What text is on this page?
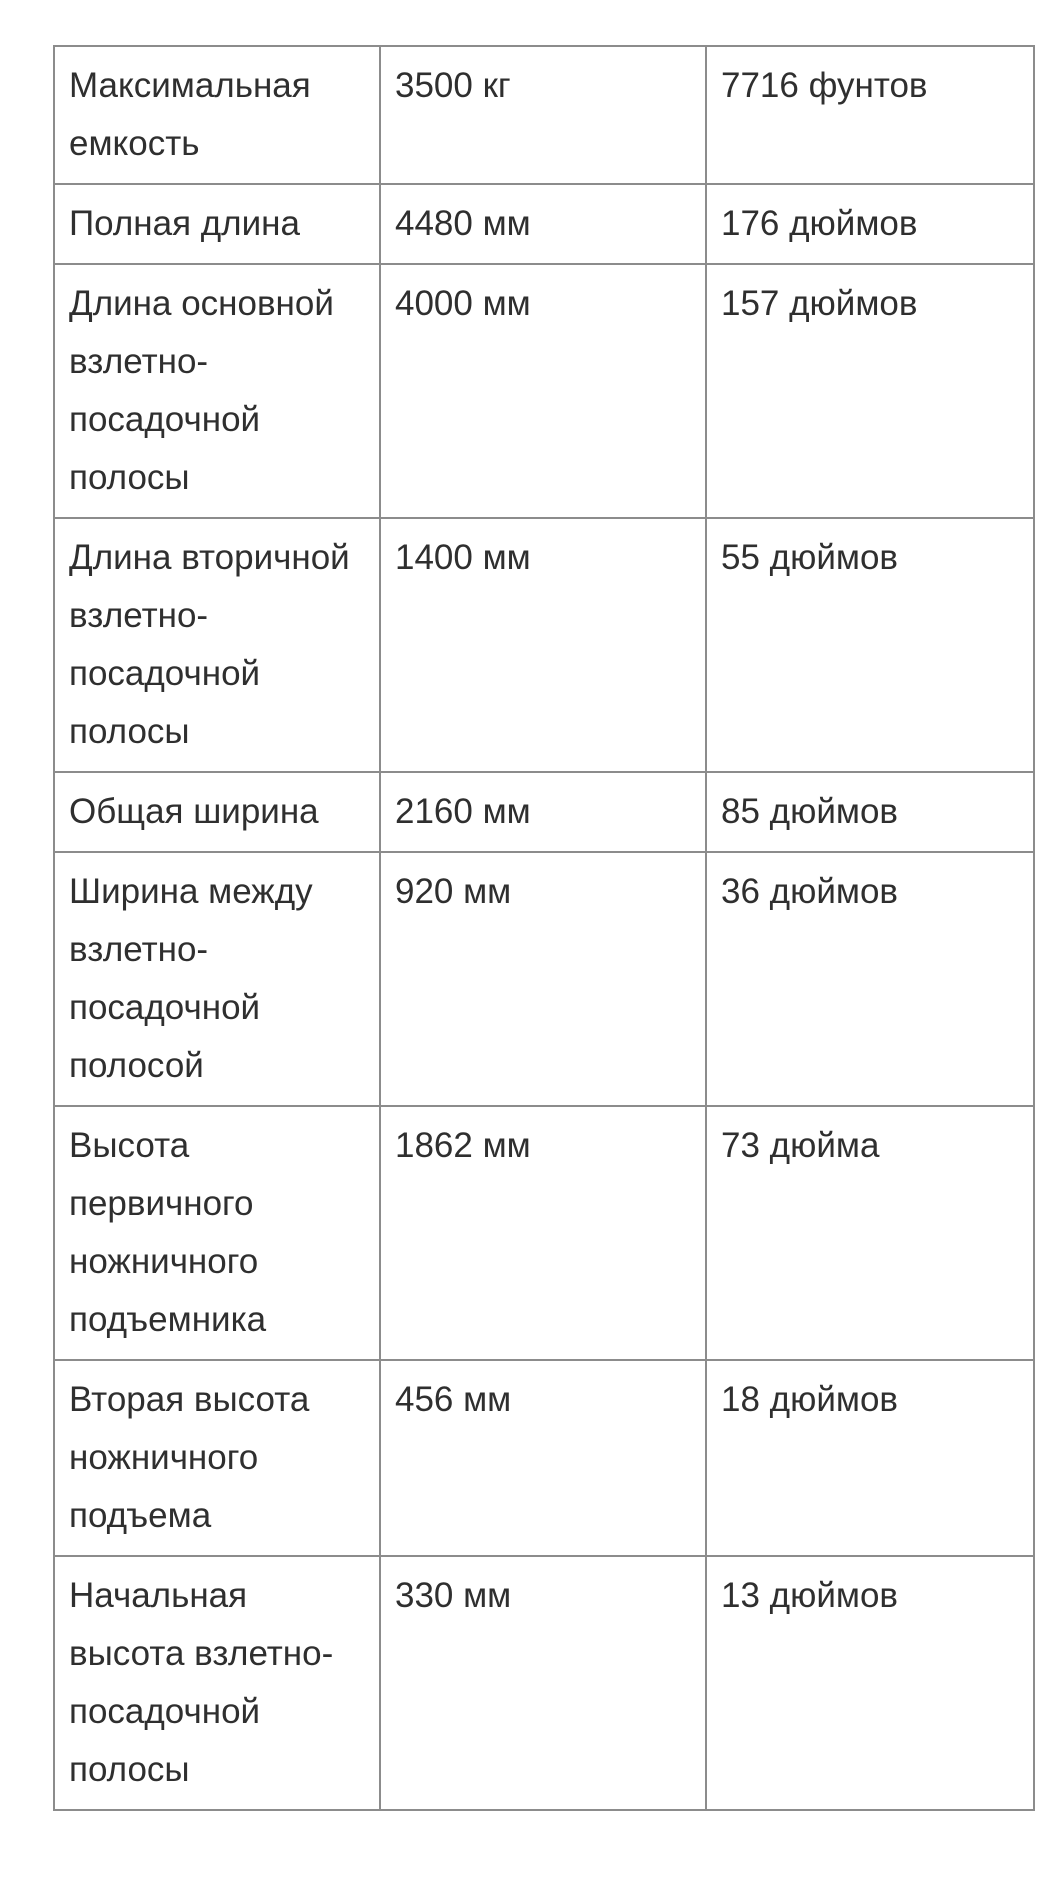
Максимальная емкость	3500 кг	7716 фунтов
Полная длина	4480 мм	176 дюймов
Длина основной взлетно-посадочной полосы	4000 мм	157 дюймов
Длина вторичной взлетно-посадочной полосы	1400 мм	55 дюймов
Общая ширина	2160 мм	85 дюймов
Ширина между взлетно-посадочной полосой	920 мм	36 дюймов
Высота первичного ножничного подъемника	1862 мм	73 дюйма
Вторая высота ножничного подъема	456 мм	18 дюймов
Начальная высота взлетно-посадочной полосы	330 мм	13 дюймов
